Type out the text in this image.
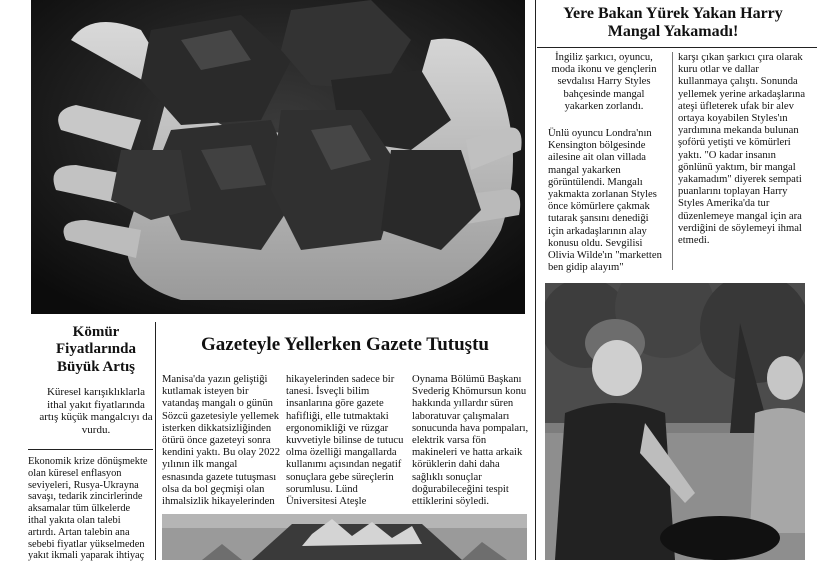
Yere Bakan Yürek Yakan Harry Mangal Yakamadı!
İngiliz şarkıcı, oyuncu, moda ikonu ve gençlerin sevdalısı Harry Styles bahçesinde mangal yakarken zorlandı.
Ünlü oyuncu Londra'nın Kensington bölgesinde ailesine ait olan villada mangal yakarken görüntülendi. Mangalı yakmakta zorlanan Styles önce kömürlere çakmak tutarak şansını denediği için arkadaşlarının alay konusu oldu. Sevgilisi Olivia Wilde'ın "marketten ben gidip alayım"
karşı çıkan şarkıcı çıra olarak kuru otlar ve dallar kullanmaya çalıştı. Sonunda yellemek yerine arkadaşlarına ateşi üfleterek ufak bir alev ortaya koyabilen Styles'ın yardımına mekanda bulunan şoförü yetişti ve kömürleri yaktı. "O kadar insanın gönlünü yaktım, bir mangal yakamadım" diyerek sempati puanlarını toplayan Harry Styles Amerika'da tur düzenlemeye mangal için ara verdiğini de söylemeyi ihmal etmedi.
Kömür Fiyatlarında Büyük Artış
Küresel karışıklıklarla ithal yakıt fiyatlarında artış küçük mangalcıyı da vurdu.
Ekonomik krize dönüşmekte olan küresel enflasyon seviyeleri, Rusya-Ukrayna savaşı, tedarik zincirlerinde aksamalar tüm ülkelerde ithal yakıta olan talebi artırdı. Artan talebin ana sebebi fiyatlar yükselmeden yakıt ikmali yaparak ihtiyaç
Gazeteyle Yellerken Gazete Tutuştu
Manisa'da yazın geliştiği kutlamak isteyen bir vatandaş mangalı o günün Sözcü gazetesiyle yellemek isterken dikkatsizliğinden ötürü önce gazeteyi sonra kendini yaktı. Bu olay 2022 yılının ilk mangal esnasında gazete tutuşması olsa da bol geçmişi olan ihmalsizlik hikayelerinden
hikayelerinden sadece bir tanesi. İsveçli bilim insanlarına göre gazete hafifliği, elle tutmaktaki ergonomikliği ve rüzgar kuvvetiyle bilinse de tutucu olma özelliği mangallarda kullanımı açısından negatif sonuçlara gebe süreçlerin sorumlusu. Lünd Üniversitesi Ateşle
Oynama Bölümü Başkanı Svederig Khömursun konu hakkında yıllardır süren laboratuvar çalışmaları sonucunda hava pompaları, elektrik varsa fön makineleri ve hatta arkaik körüklerin dahi daha sağlıklı sonuçlar doğurabileceğini tespit ettiklerini söyledi.
